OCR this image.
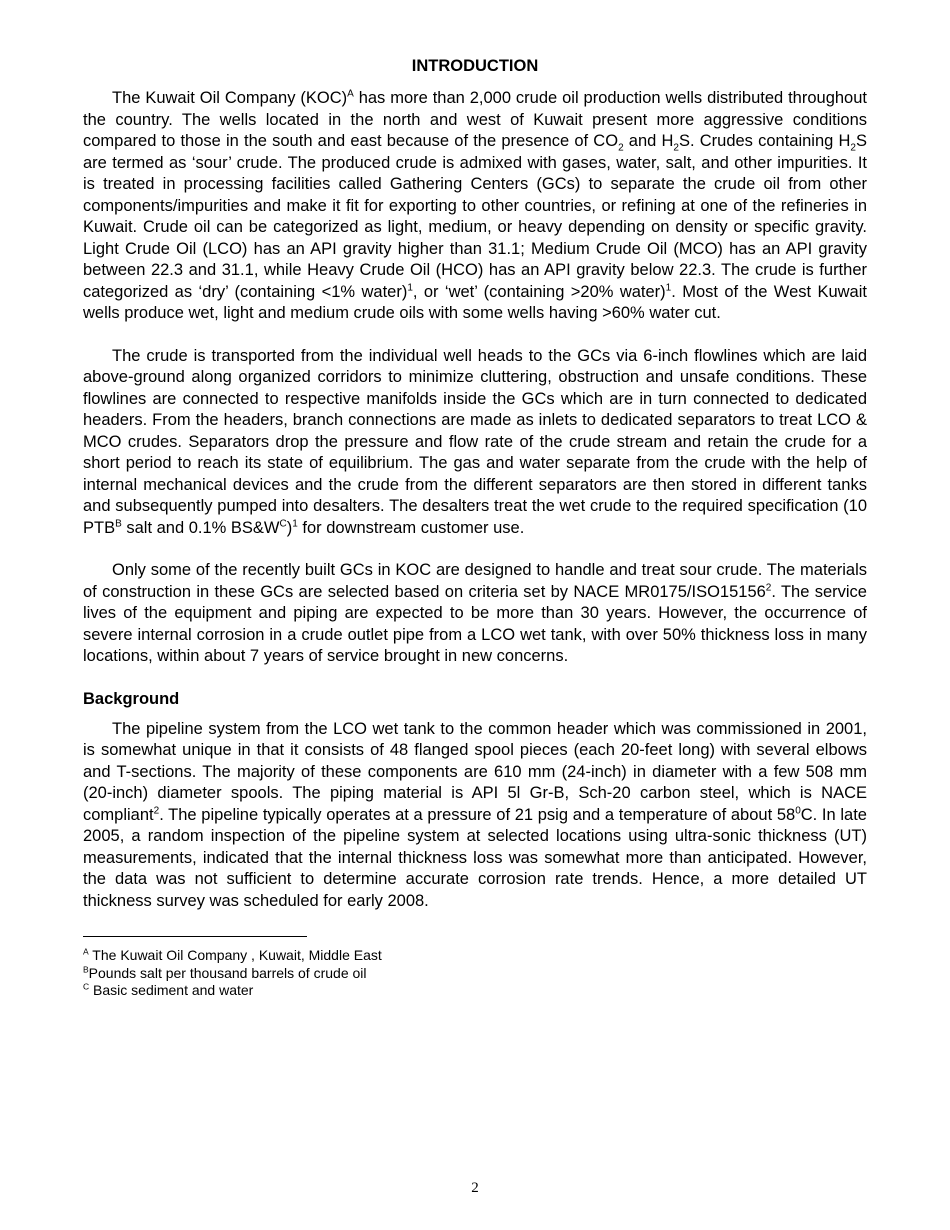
INTRODUCTION

The Kuwait Oil Company (KOC)$^A$ has more than 2,000 crude oil production wells distributed throughout the country. The wells located in the north and west of Kuwait present more aggressive conditions compared to those in the south and east because of the presence of $CO_2$ and $H_2S$. Crudes containing $H_2S$ are termed as ‘sour’ crude. The produced crude is admixed with gases, water, salt, and other impurities. It is treated in processing facilities called Gathering Centers (GCs) to separate the crude oil from other components/impurities and make it fit for exporting to other countries, or refining at one of the refineries in Kuwait. Crude oil can be categorized as light, medium, or heavy depending on density or specific gravity. Light Crude Oil (LCO) has an API gravity higher than 31.1; Medium Crude Oil (MCO) has an API gravity between 22.3 and 31.1, while Heavy Crude Oil (HCO) has an API gravity below 22.3. The crude is further categorized as ‘dry’ (containing <1% water)$^1$, or ‘wet’ (containing >20% water)$^1$. Most of the West Kuwait wells produce wet, light and medium crude oils with some wells having >60% water cut.

The crude is transported from the individual well heads to the GCs via 6-inch flowlines which are laid above-ground along organized corridors to minimize cluttering, obstruction and unsafe conditions. These flowlines are connected to respective manifolds inside the GCs which are in turn connected to dedicated headers. From the headers, branch connections are made as inlets to dedicated separators to treat LCO & MCO crudes. Separators drop the pressure and flow rate of the crude stream and retain the crude for a short period to reach its state of equilibrium. The gas and water separate from the crude with the help of internal mechanical devices and the crude from the different separators are then stored in different tanks and subsequently pumped into desalters. The desalters treat the wet crude to the required specification (10 $PTB^B$ salt and 0.1% $BS\&W^C)^1$ for downstream customer use.

Only some of the recently built GCs in KOC are designed to handle and treat sour crude. The materials of construction in these GCs are selected based on criteria set by NACE MR0175/ISO15156$^2$. The service lives of the equipment and piping are expected to be more than 30 years. However, the occurrence of severe internal corrosion in a crude outlet pipe from a LCO wet tank, with over 50% thickness loss in many locations, within about 7 years of service brought in new concerns.

Background

The pipeline system from the LCO wet tank to the common header which was commissioned in 2001, is somewhat unique in that it consists of 48 flanged spool pieces (each 20-feet long) with several elbows and T-sections. The majority of these components are 610 mm (24-inch) in diameter with a few 508 mm (20-inch) diameter spools. The piping material is API 5l Gr-B, Sch-20 carbon steel, which is NACE compliant$^2$. The pipeline typically operates at a pressure of 21 psig and a temperature of about $58^0C$. In late 2005, a random inspection of the pipeline system at selected locations using ultra-sonic thickness (UT) measurements, indicated that the internal thickness loss was somewhat more than anticipated. However, the data was not sufficient to determine accurate corrosion rate trends. Hence, a more detailed UT thickness survey was scheduled for early 2008.

$^A$ The Kuwait Oil Company , Kuwait, Middle East

$^B$Pounds salt per thousand barrels of crude oil

$^C$ Basic sediment and water

2
